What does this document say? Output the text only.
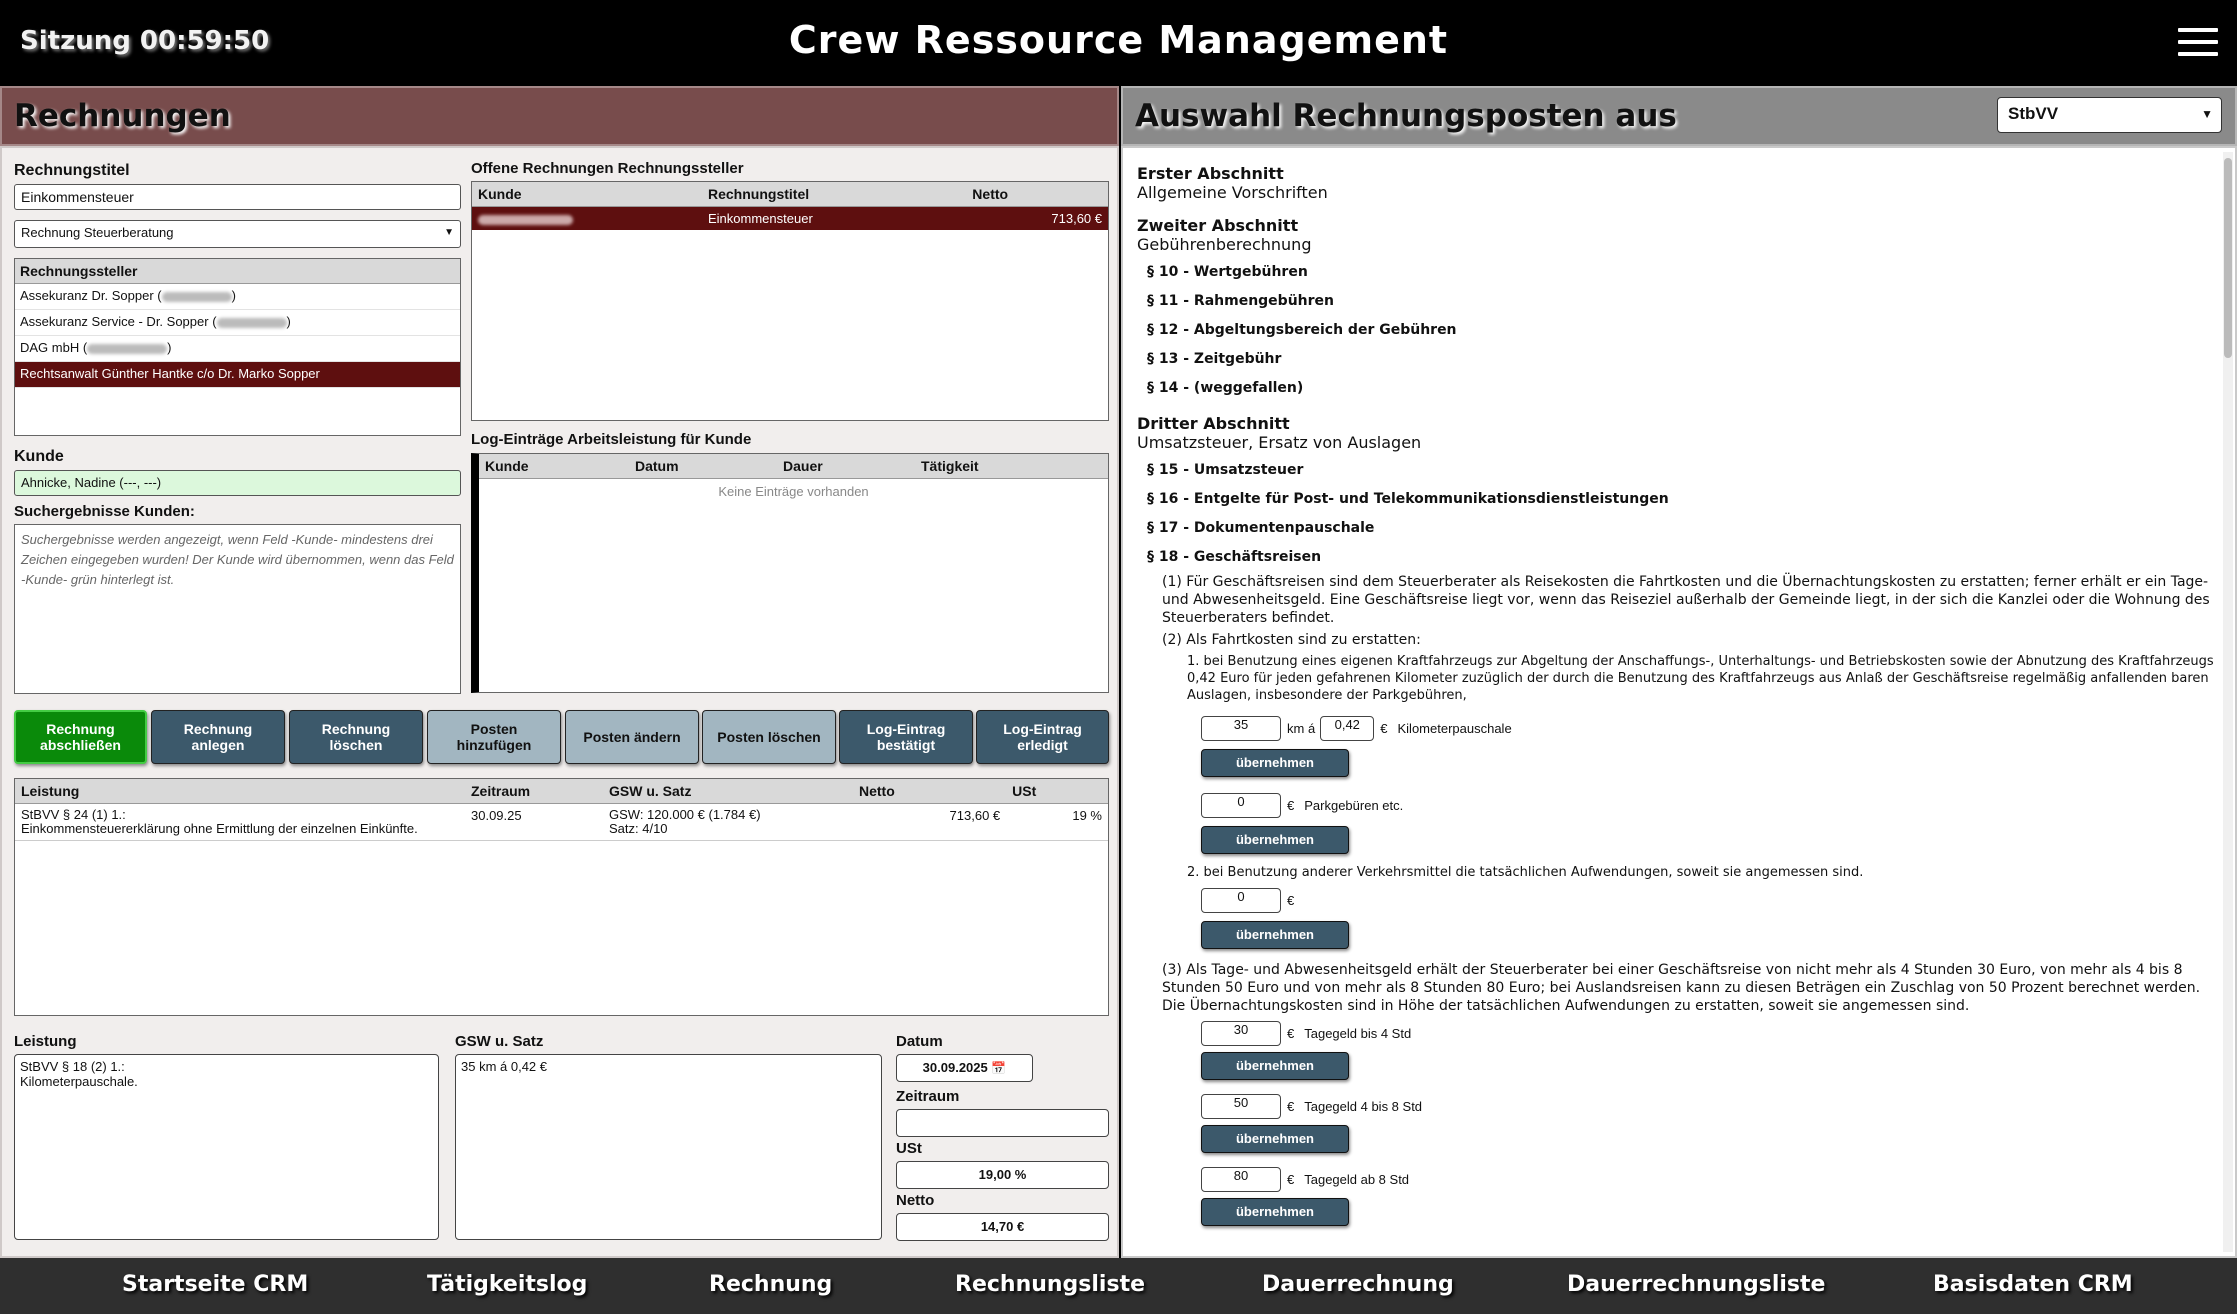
Sitzung 00:59:50	Crew Ressource Management
Rechnungen	Auswahl Rechnungsposten aus	StbVV	▼
Rechnungstitel
Einkommensteuer
Rechnung Steuerberatung	▼
Rechnungssteller
Assekuranz Dr. Sopper (	)
Assekuranz Service - Dr. Sopper (	)
DAG mbH (	)
Rechtsanwalt Günther Hantke c/o Dr. Marko Sopper
Kunde
Ahnicke, Nadine (---, ---)
Suchergebnisse Kunden:
Suchergebnisse werden angezeigt, wenn Feld -Kunde- mindestens drei Zeichen eingegeben wurden! Der Kunde wird übernommen, wenn das Feld -Kunde- grün hinterlegt ist.
Offene Rechnungen Rechnungssteller
Kunde	Rechnungstitel	Netto
	Einkommensteuer	713,60 €
Log-Einträge Arbeitsleistung für Kunde
Kunde	Datum	Dauer	Tätigkeit
Keine Einträge vorhanden
Rechnung
abschließen
Rechnung
anlegen
Rechnung
löschen
Posten
hinzufügen	Posten ändern	Posten löschen	Log-Eintrag
bestätigt
Log-Eintrag
erledigt
Leistung	Zeitraum	GSW u. Satz	Netto	USt
StBVV § 24 (1) 1.:
Einkommensteuererklärung ohne Ermittlung der einzelnen Einkünfte.	30.09.25	GSW: 120.000 € (1.784 €)
Satz: 4/10	713,60 €	19 %
Leistung
StBVV § 18 (2) 1.:
Kilometerpauschale.
GSW u. Satz
35 km á 0,42 €
Datum
30.09.2025 📅
Zeitraum
USt
19,00 %
Netto
14,70 €
Erster Abschnitt
Allgemeine Vorschriften
Zweiter Abschnitt
Gebührenberechnung
§ 10 - Wertgebühren
§ 11 - Rahmengebühren
§ 12 - Abgeltungsbereich der Gebühren
§ 13 - Zeitgebühr
§ 14 - (weggefallen)
Dritter Abschnitt
Umsatzsteuer, Ersatz von Auslagen
§ 15 - Umsatzsteuer
§ 16 - Entgelte für Post- und Telekommunikationsdienstleistungen
§ 17 - Dokumentenpauschale
§ 18 - Geschäftsreisen
(1) Für Geschäftsreisen sind dem Steuerberater als Reisekosten die Fahrtkosten und die Übernachtungskosten zu erstatten; ferner erhält er ein Tage- und Abwesenheitsgeld. Eine Geschäftsreise liegt vor, wenn das Reiseziel außerhalb der Gemeinde liegt, in der sich die Kanzlei oder die Wohnung des Steuerberaters befindet.
(2) Als Fahrtkosten sind zu erstatten:
1. bei Benutzung eines eigenen Kraftfahrzeugs zur Abgeltung der Anschaffungs-, Unterhaltungs- und Betriebskosten sowie der Abnutzung des Kraftfahrzeugs 0,42 Euro für jeden gefahrenen Kilometer zuzüglich der durch die Benutzung des Kraftfahrzeugs aus Anlaß der Geschäftsreise regelmäßig anfallenden baren Auslagen, insbesondere der Parkgebühren,
35	km á 0,42 € Kilometerpauschale
übernehmen
0	€ Parkgebüren etc.
übernehmen
2. bei Benutzung anderer Verkehrsmittel die tatsächlichen Aufwendungen, soweit sie angemessen sind.
0	€
übernehmen
(3) Als Tage- und Abwesenheitsgeld erhält der Steuerberater bei einer Geschäftsreise von nicht mehr als 4 Stunden 30 Euro, von mehr als 4 bis 8 Stunden 50 Euro und von mehr als 8 Stunden 80 Euro; bei Auslandsreisen kann zu diesen Beträgen ein Zuschlag von 50 Prozent berechnet werden. Die Übernachtungskosten sind in Höhe der tatsächlichen Aufwendungen zu erstatten, soweit sie angemessen sind.
30	€ Tagegeld bis 4 Std
übernehmen
50	€ Tagegeld 4 bis 8 Std
übernehmen
80	€ Tagegeld ab 8 Std
übernehmen
Startseite CRM	Tätigkeitslog	Rechnung	Rechnungsliste	Dauerrechnung	Dauerrechnungsliste	Basisdaten CRM
